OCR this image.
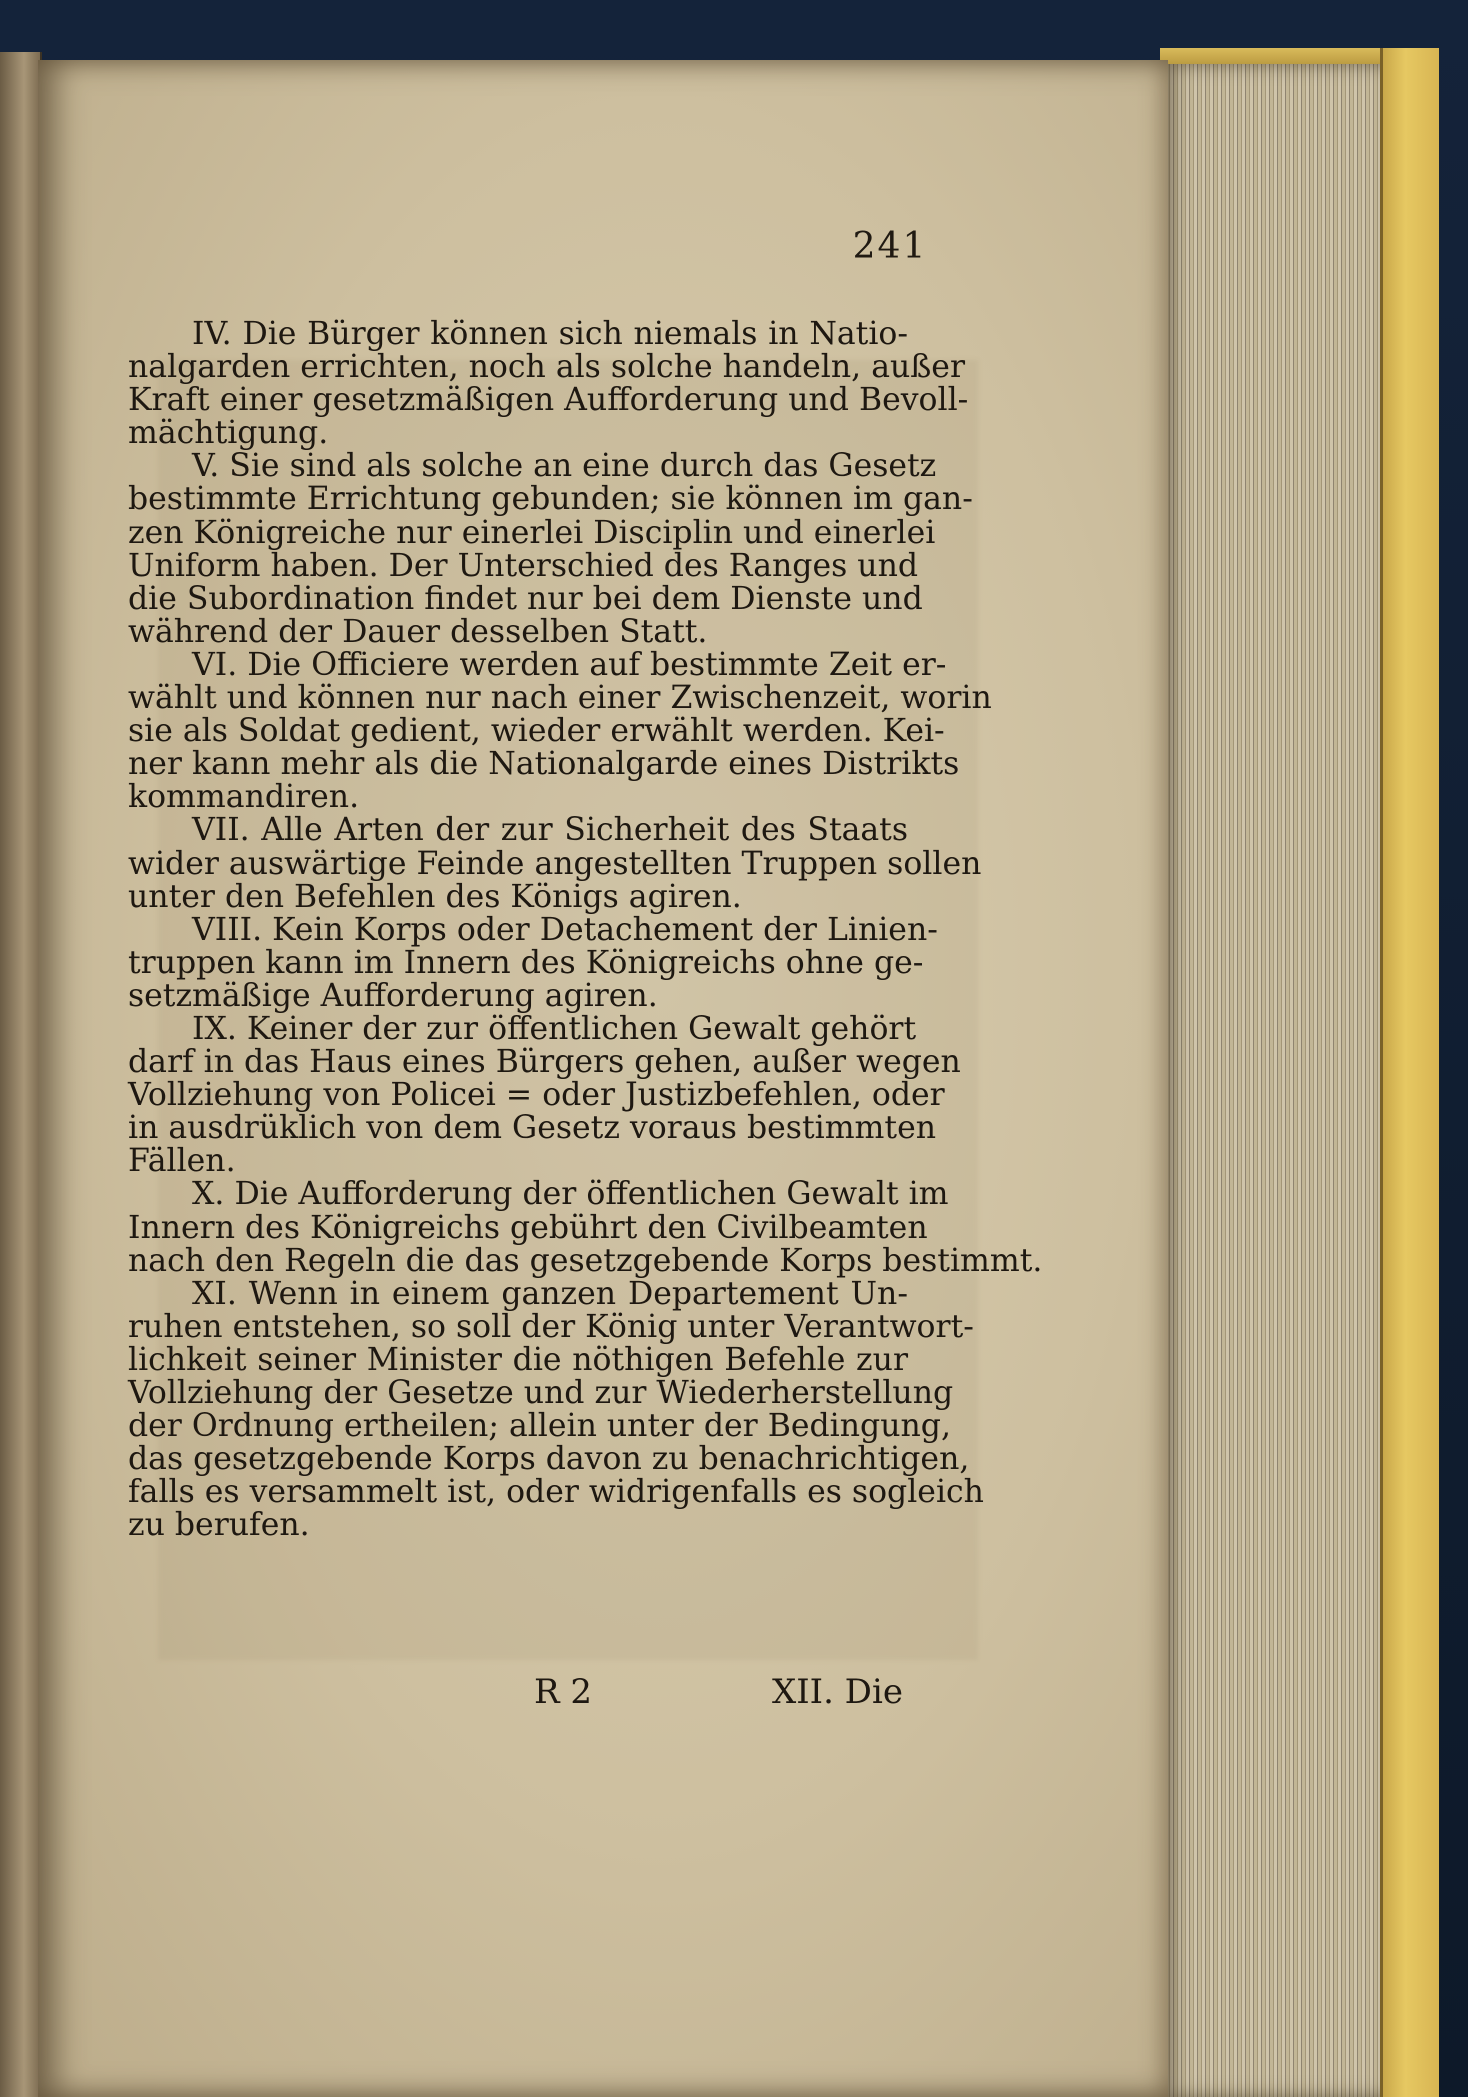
241
IV. Die Bürger können sich niemals in Natio-
nalgarden errichten, noch als solche handeln, außer
Kraft einer gesetzmäßigen Aufforderung und Bevoll-
mächtigung.
V. Sie sind als solche an eine durch das Gesetz
bestimmte Errichtung gebunden; sie können im gan-
zen Königreiche nur einerlei Disciplin und einerlei
Uniform haben. Der Unterschied des Ranges und
die Subordination findet nur bei dem Dienste und
während der Dauer desselben Statt.
VI. Die Officiere werden auf bestimmte Zeit er-
wählt und können nur nach einer Zwischenzeit, worin
sie als Soldat gedient, wieder erwählt werden. Kei-
ner kann mehr als die Nationalgarde eines Distrikts
kommandiren.
VII. Alle Arten der zur Sicherheit des Staats
wider auswärtige Feinde angestellten Truppen sollen
unter den Befehlen des Königs agiren.
VIII. Kein Korps oder Detachement der Linien-
truppen kann im Innern des Königreichs ohne ge-
setzmäßige Aufforderung agiren.
IX. Keiner der zur öffentlichen Gewalt gehört
darf in das Haus eines Bürgers gehen, außer wegen
Vollziehung von Policei = oder Justizbefehlen, oder
in ausdrüklich von dem Gesetz voraus bestimmten
Fällen.
X. Die Aufforderung der öffentlichen Gewalt im
Innern des Königreichs gebührt den Civilbeamten
nach den Regeln die das gesetzgebende Korps bestimmt.
XI. Wenn in einem ganzen Departement Un-
ruhen entstehen, so soll der König unter Verantwort-
lichkeit seiner Minister die nöthigen Befehle zur
Vollziehung der Gesetze und zur Wiederherstellung
der Ordnung ertheilen; allein unter der Bedingung,
das gesetzgebende Korps davon zu benachrichtigen,
falls es versammelt ist, oder widrigenfalls es sogleich
zu berufen.
R 2	XII. Die
